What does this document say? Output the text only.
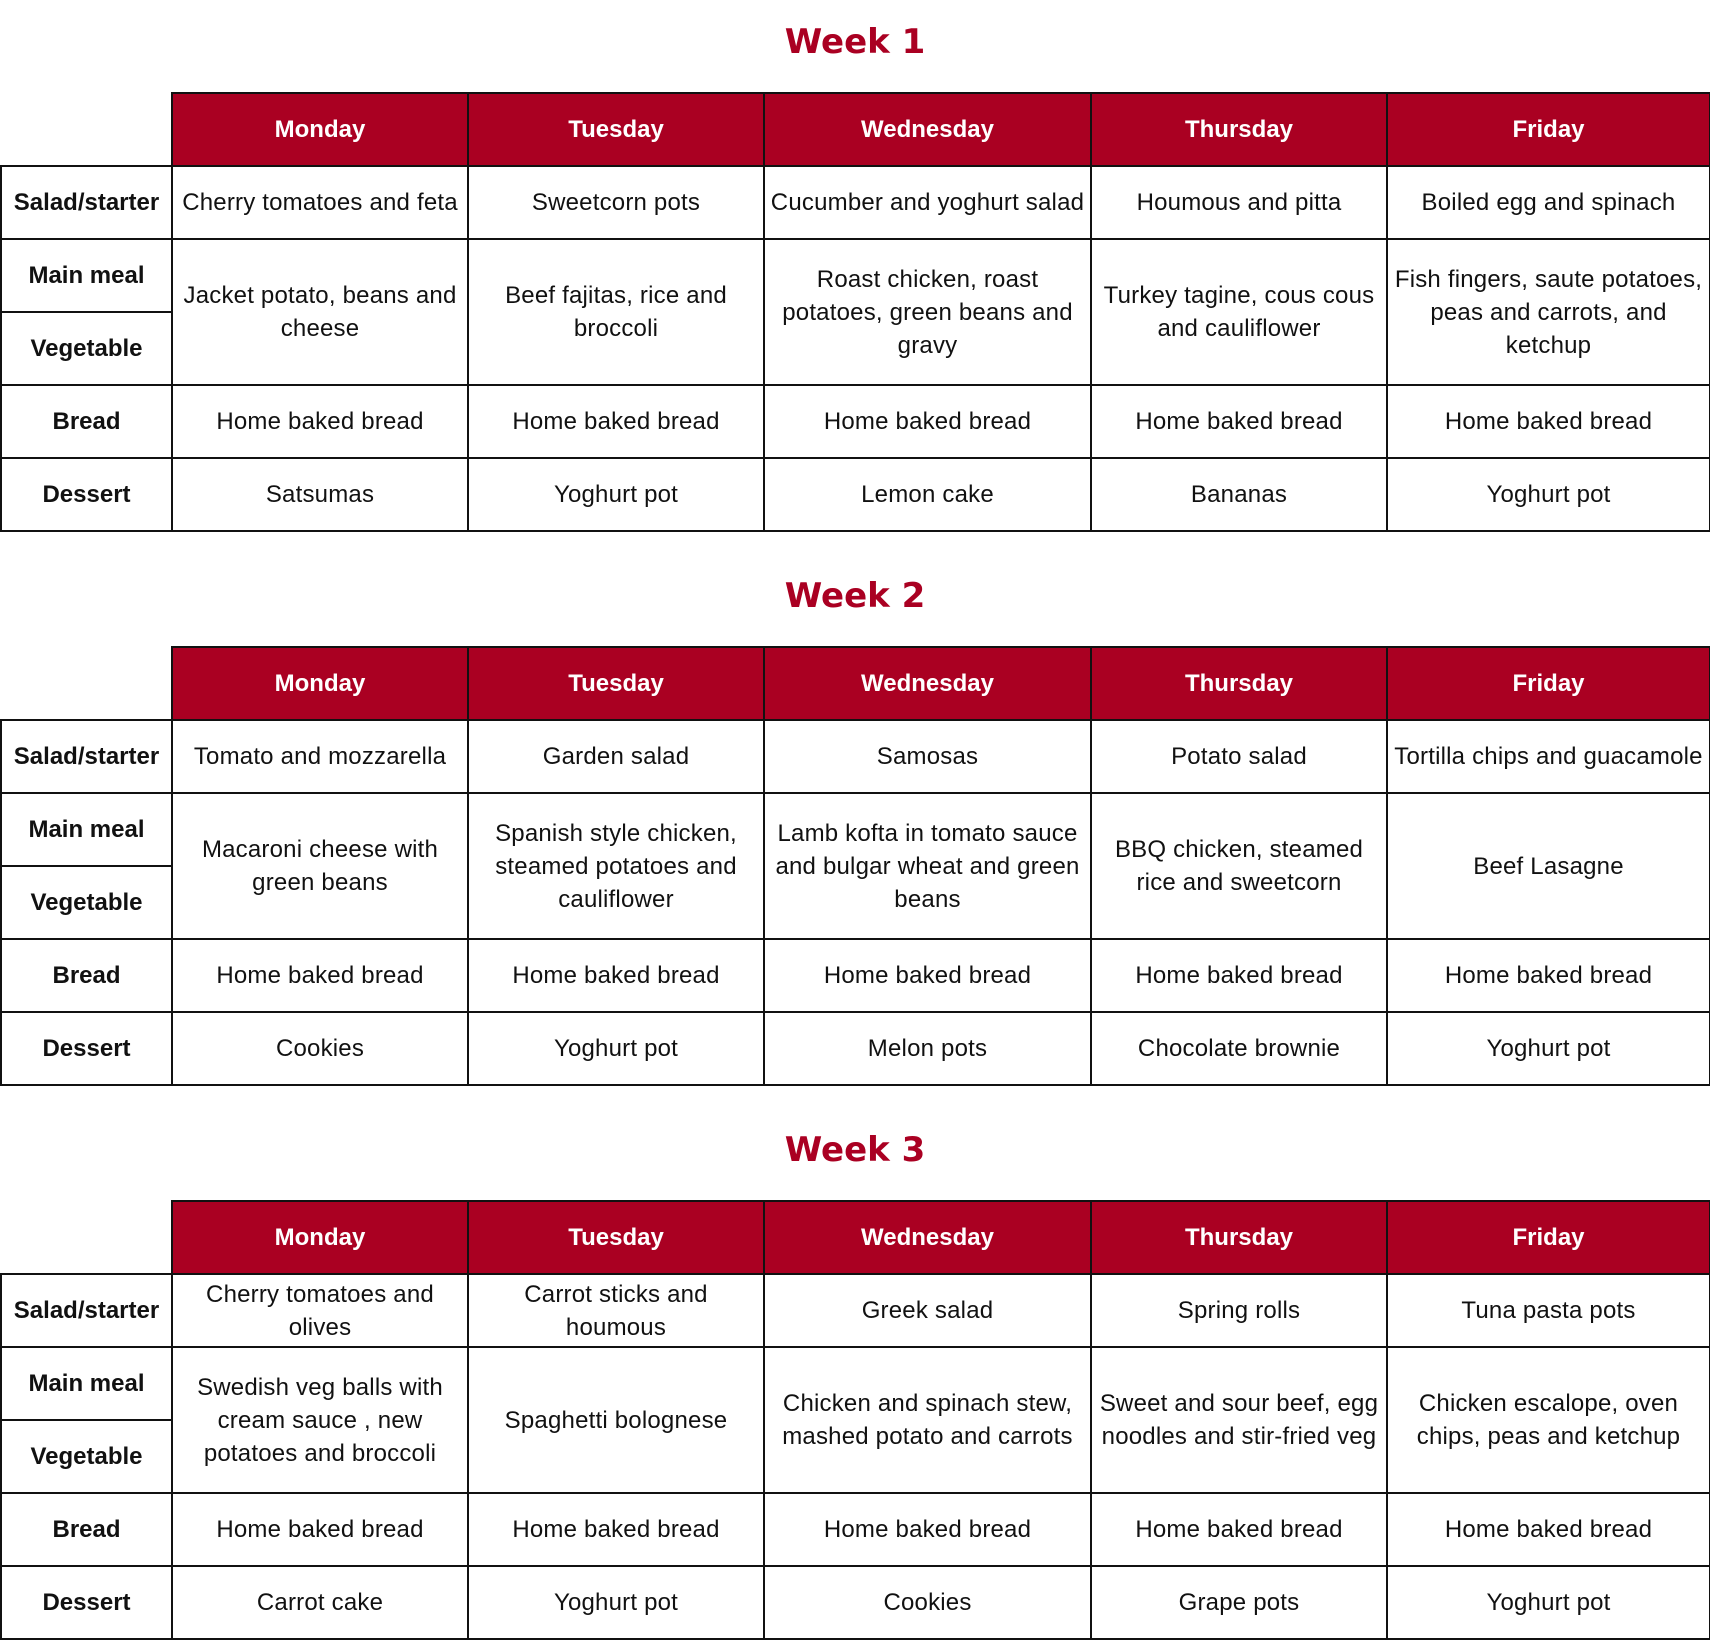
Week 1
	Monday	Tuesday	Wednesday	Thursday	Friday
Salad/starter	Cherry tomatoes and feta	Sweetcorn pots	Cucumber and yoghurt salad	Houmous and pitta	Boiled egg and spinach
Main meal	Jacket potato, beans and cheese	Beef fajitas, rice and broccoli	Roast chicken, roast potatoes, green beans and gravy	Turkey tagine, cous cous and cauliflower	Fish fingers, saute potatoes, peas and carrots, and ketchup
Vegetable					
Bread	Home baked bread	Home baked bread	Home baked bread	Home baked bread	Home baked bread
Dessert	Satsumas	Yoghurt pot	Lemon cake	Bananas	Yoghurt pot
Week 2
	Monday	Tuesday	Wednesday	Thursday	Friday
Salad/starter	Tomato and mozzarella	Garden salad	Samosas	Potato salad	Tortilla chips and guacamole
Main meal	Macaroni cheese with green beans	Spanish style chicken, steamed potatoes and cauliflower	Lamb kofta in tomato sauce and bulgar wheat and green beans	BBQ chicken, steamed rice and sweetcorn	Beef Lasagne
Vegetable					
Bread	Home baked bread	Home baked bread	Home baked bread	Home baked bread	Home baked bread
Dessert	Cookies	Yoghurt pot	Melon pots	Chocolate brownie	Yoghurt pot
Week 3
	Monday	Tuesday	Wednesday	Thursday	Friday
Salad/starter	Cherry tomatoes and olives	Carrot sticks and houmous	Greek salad	Spring rolls	Tuna pasta pots
Main meal	Swedish veg balls with cream sauce , new potatoes and broccoli	Spaghetti bolognese	Chicken and spinach stew, mashed potato and carrots	Sweet and sour beef, egg noodles and stir-fried veg	Chicken escalope, oven chips, peas and ketchup
Vegetable					
Bread	Home baked bread	Home baked bread	Home baked bread	Home baked bread	Home baked bread
Dessert	Carrot cake	Yoghurt pot	Cookies	Grape pots	Yoghurt pot
